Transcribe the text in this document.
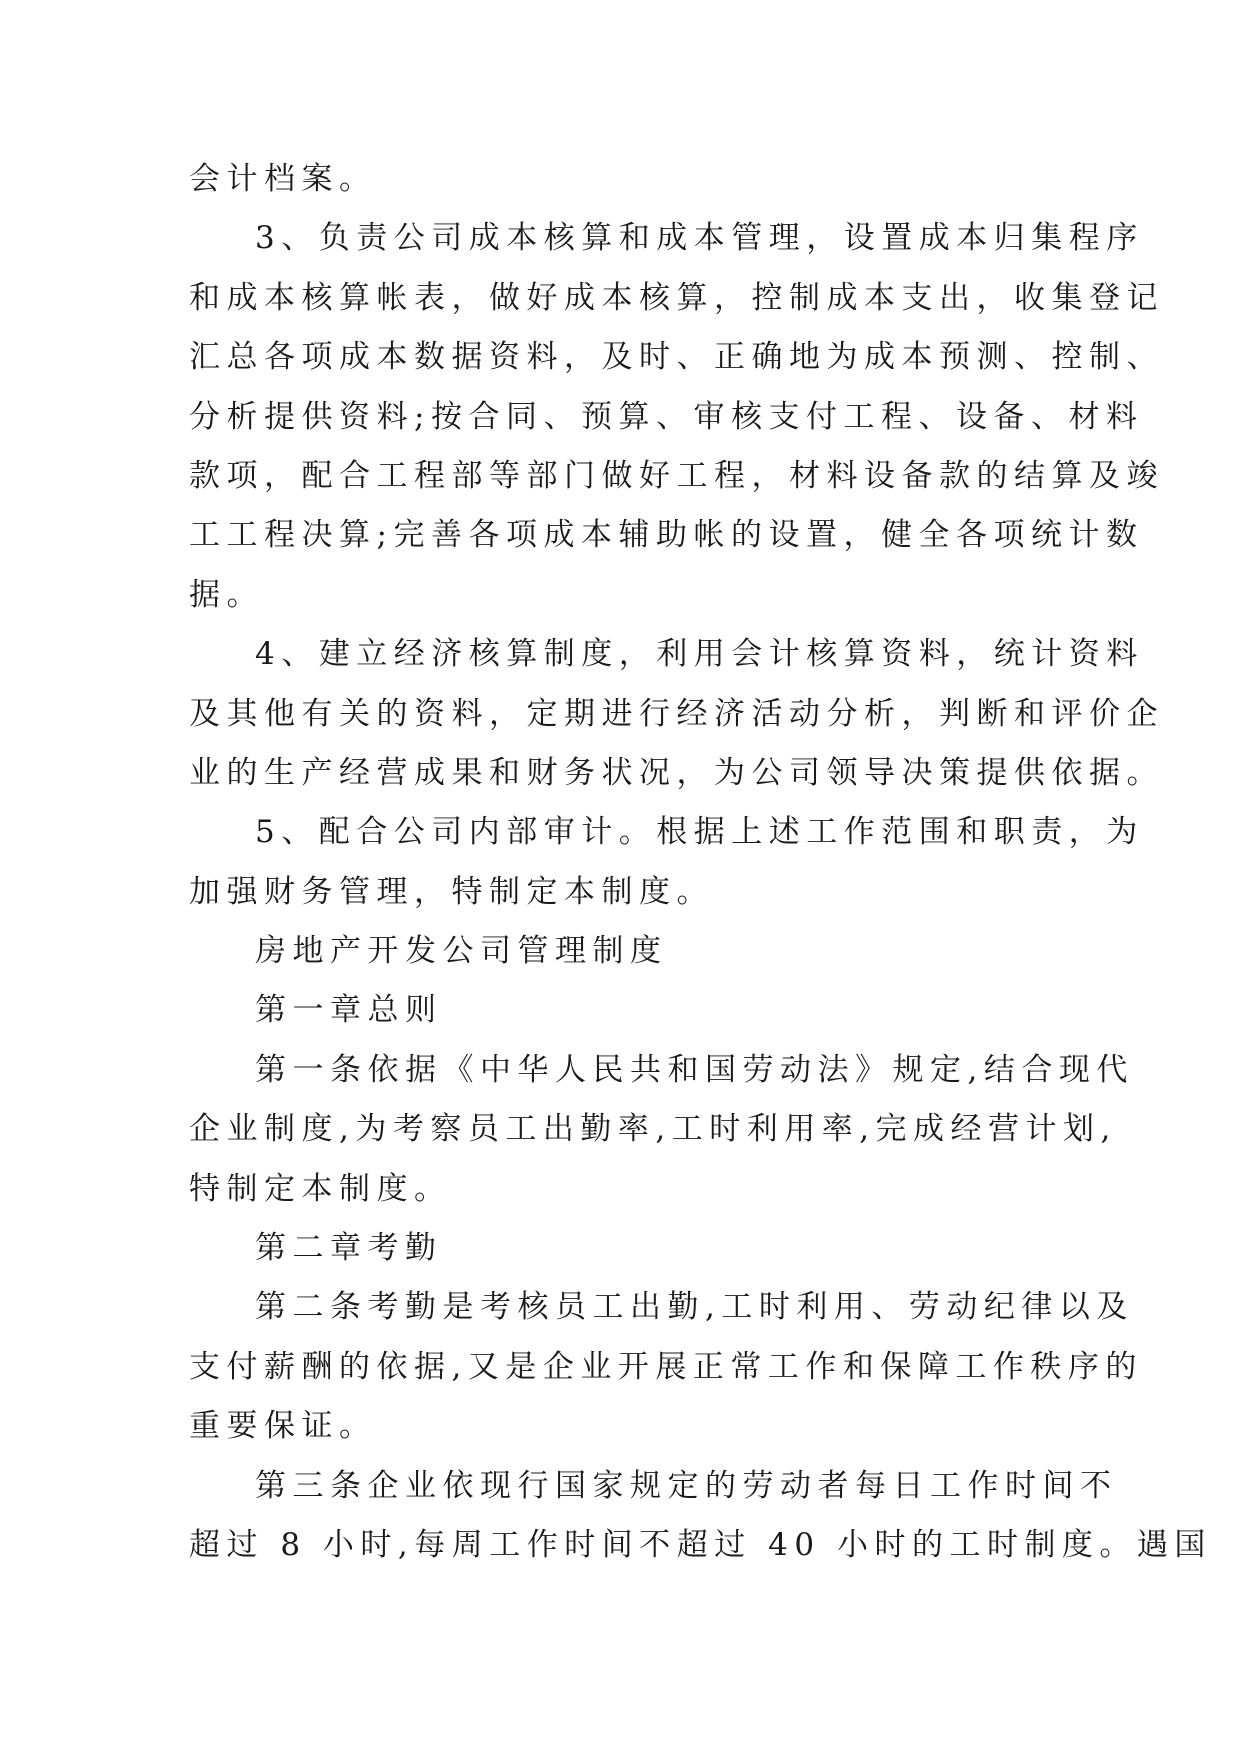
会计档案。
3、负责公司成本核算和成本管理，设置成本归集程序
和成本核算帐表，做好成本核算，控制成本支出，收集登记
汇总各项成本数据资料，及时、正确地为成本预测、控制、
分析提供资料;按合同、预算、审核支付工程、设备、材料
款项，配合工程部等部门做好工程，材料设备款的结算及竣
工工程决算;完善各项成本辅助帐的设置，健全各项统计数
据。
4、建立经济核算制度，利用会计核算资料，统计资料
及其他有关的资料，定期进行经济活动分析，判断和评价企
业的生产经营成果和财务状况，为公司领导决策提供依据。
5、配合公司内部审计。根据上述工作范围和职责，为
加强财务管理，特制定本制度。
房地产开发公司管理制度
第一章总则
第一条依据《中华人民共和国劳动法》规定,结合现代
企业制度,为考察员工出勤率,工时利用率,完成经营计划,
特制定本制度。
第二章考勤
第二条考勤是考核员工出勤,工时利用、劳动纪律以及
支付薪酬的依据,又是企业开展正常工作和保障工作秩序的
重要保证。
第三条企业依现行国家规定的劳动者每日工作时间不
超过 8 小时,每周工作时间不超过 40 小时的工时制度。遇国
